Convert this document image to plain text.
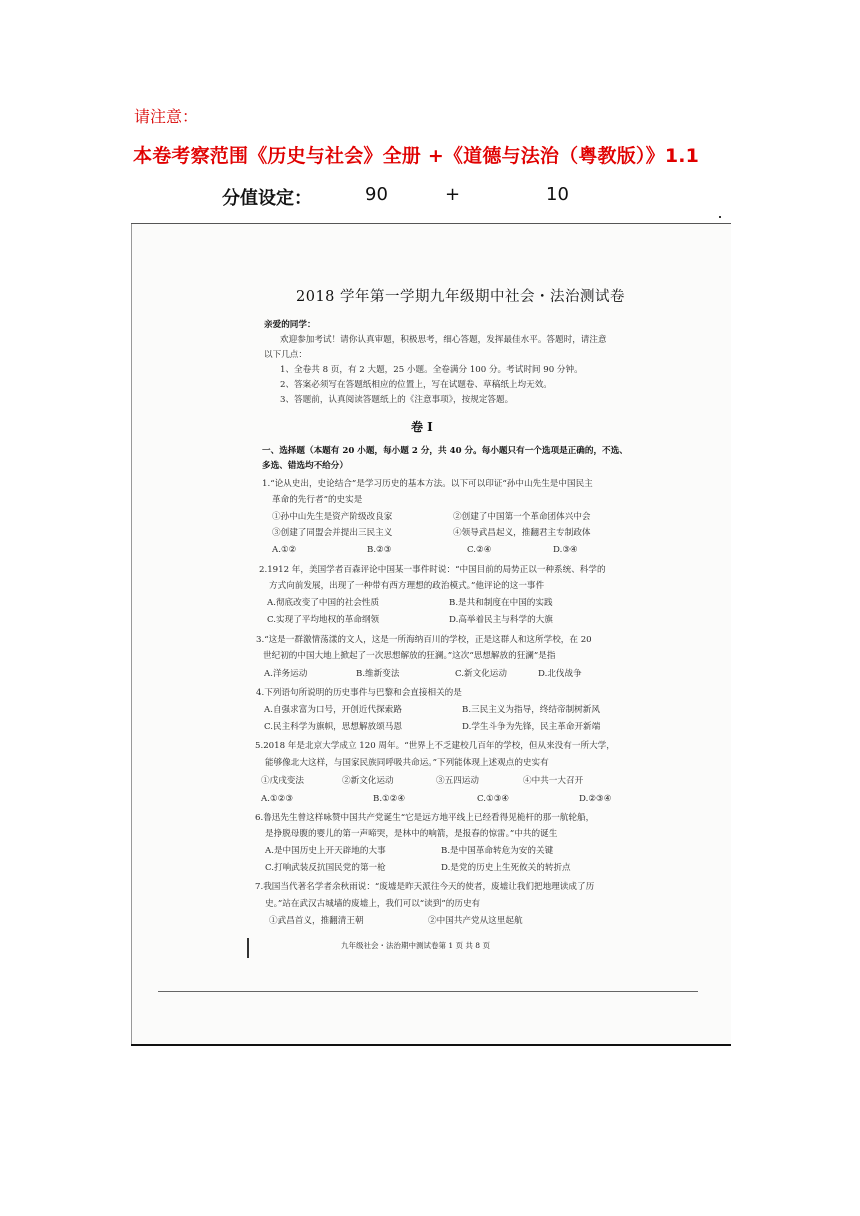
请注意：
本卷考察范围《历史与社会》全册 +《道德与法治（粤教版）》1.1
分值设定：	90	+	10
2018 学年第一学期九年级期中社会・法治测试卷
亲爱的同学：
欢迎参加考试！请你认真审题，积极思考，细心答题，发挥最佳水平。答题时，请注意
以下几点：
1、全卷共 8 页，有 2 大题，25 小题。全卷满分 100 分。考试时间 90 分钟。
2、答案必须写在答题纸相应的位置上，写在试题卷、草稿纸上均无效。
3、答题前，认真阅读答题纸上的《注意事项》，按规定答题。
卷 I
一、选择题（本题有 20 小题，每小题 2 分，共 40 分。每小题只有一个选项是正确的，不选、
多选、错选均不给分）
1.“论从史出，史论结合”是学习历史的基本方法。以下可以印证“孙中山先生是中国民主
革命的先行者”的史实是
①孙中山先生是资产阶级改良家	②创建了中国第一个革命团体兴中会
③创建了同盟会并提出三民主义	④领导武昌起义，推翻君主专制政体
A.①②	B.②③	C.②④	D.③④
2.1912 年，美国学者百森评论中国某一事件时说：“中国目前的局势正以一种系统、科学的
方式向前发展，出现了一种带有西方理想的政治模式。”他评论的这一事件
A.彻底改变了中国的社会性质	B.是共和制度在中国的实践
C.实现了平均地权的革命纲领	D.高举着民主与科学的大旗
3.“这是一群激情荡漾的文人，这是一所海纳百川的学校，正是这群人和这所学校，在 20
世纪初的中国大地上掀起了一次思想解放的狂澜。”这次“思想解放的狂澜”是指
A.洋务运动	B.维新变法	C.新文化运动	D.北伐战争
4.下列语句所说明的历史事件与巴黎和会直接相关的是
A.自强求富为口号，开创近代探索路	B.三民主义为指导，终结帝制树新风
C.民主科学为旗帜，思想解放颂马恩	D.学生斗争为先锋，民主革命开新端
5.2018 年是北京大学成立 120 周年。“世界上不乏建校几百年的学校，但从来没有一所大学，
能够像北大这样，与国家民族同呼吸共命运。”下列能体现上述观点的史实有
①戊戌变法	②新文化运动	③五四运动	④中共一大召开
A.①②③	B.①②④	C.①③④	D.②③④
6.鲁迅先生曾这样咏赞中国共产党诞生“它是远方地平线上已经看得见桅杆的那一航轮船，
是挣脱母腹的婴儿的第一声啼哭，是林中的响箭，是报春的惊雷。”中共的诞生
A.是中国历史上开天辟地的大事	B.是中国革命转危为安的关键
C.打响武装反抗国民党的第一枪	D.是党的历史上生死攸关的转折点
7.我国当代著名学者余秋雨说：“废墟是昨天派往今天的使者，废墟让我们把地理读成了历
史。”站在武汉古城墙的废墟上，我们可以“读到”的历史有
①武昌首义，推翻清王朝	②中国共产党从这里起航
九年级社会・法治期中测试卷第 1 页 共 8 页
